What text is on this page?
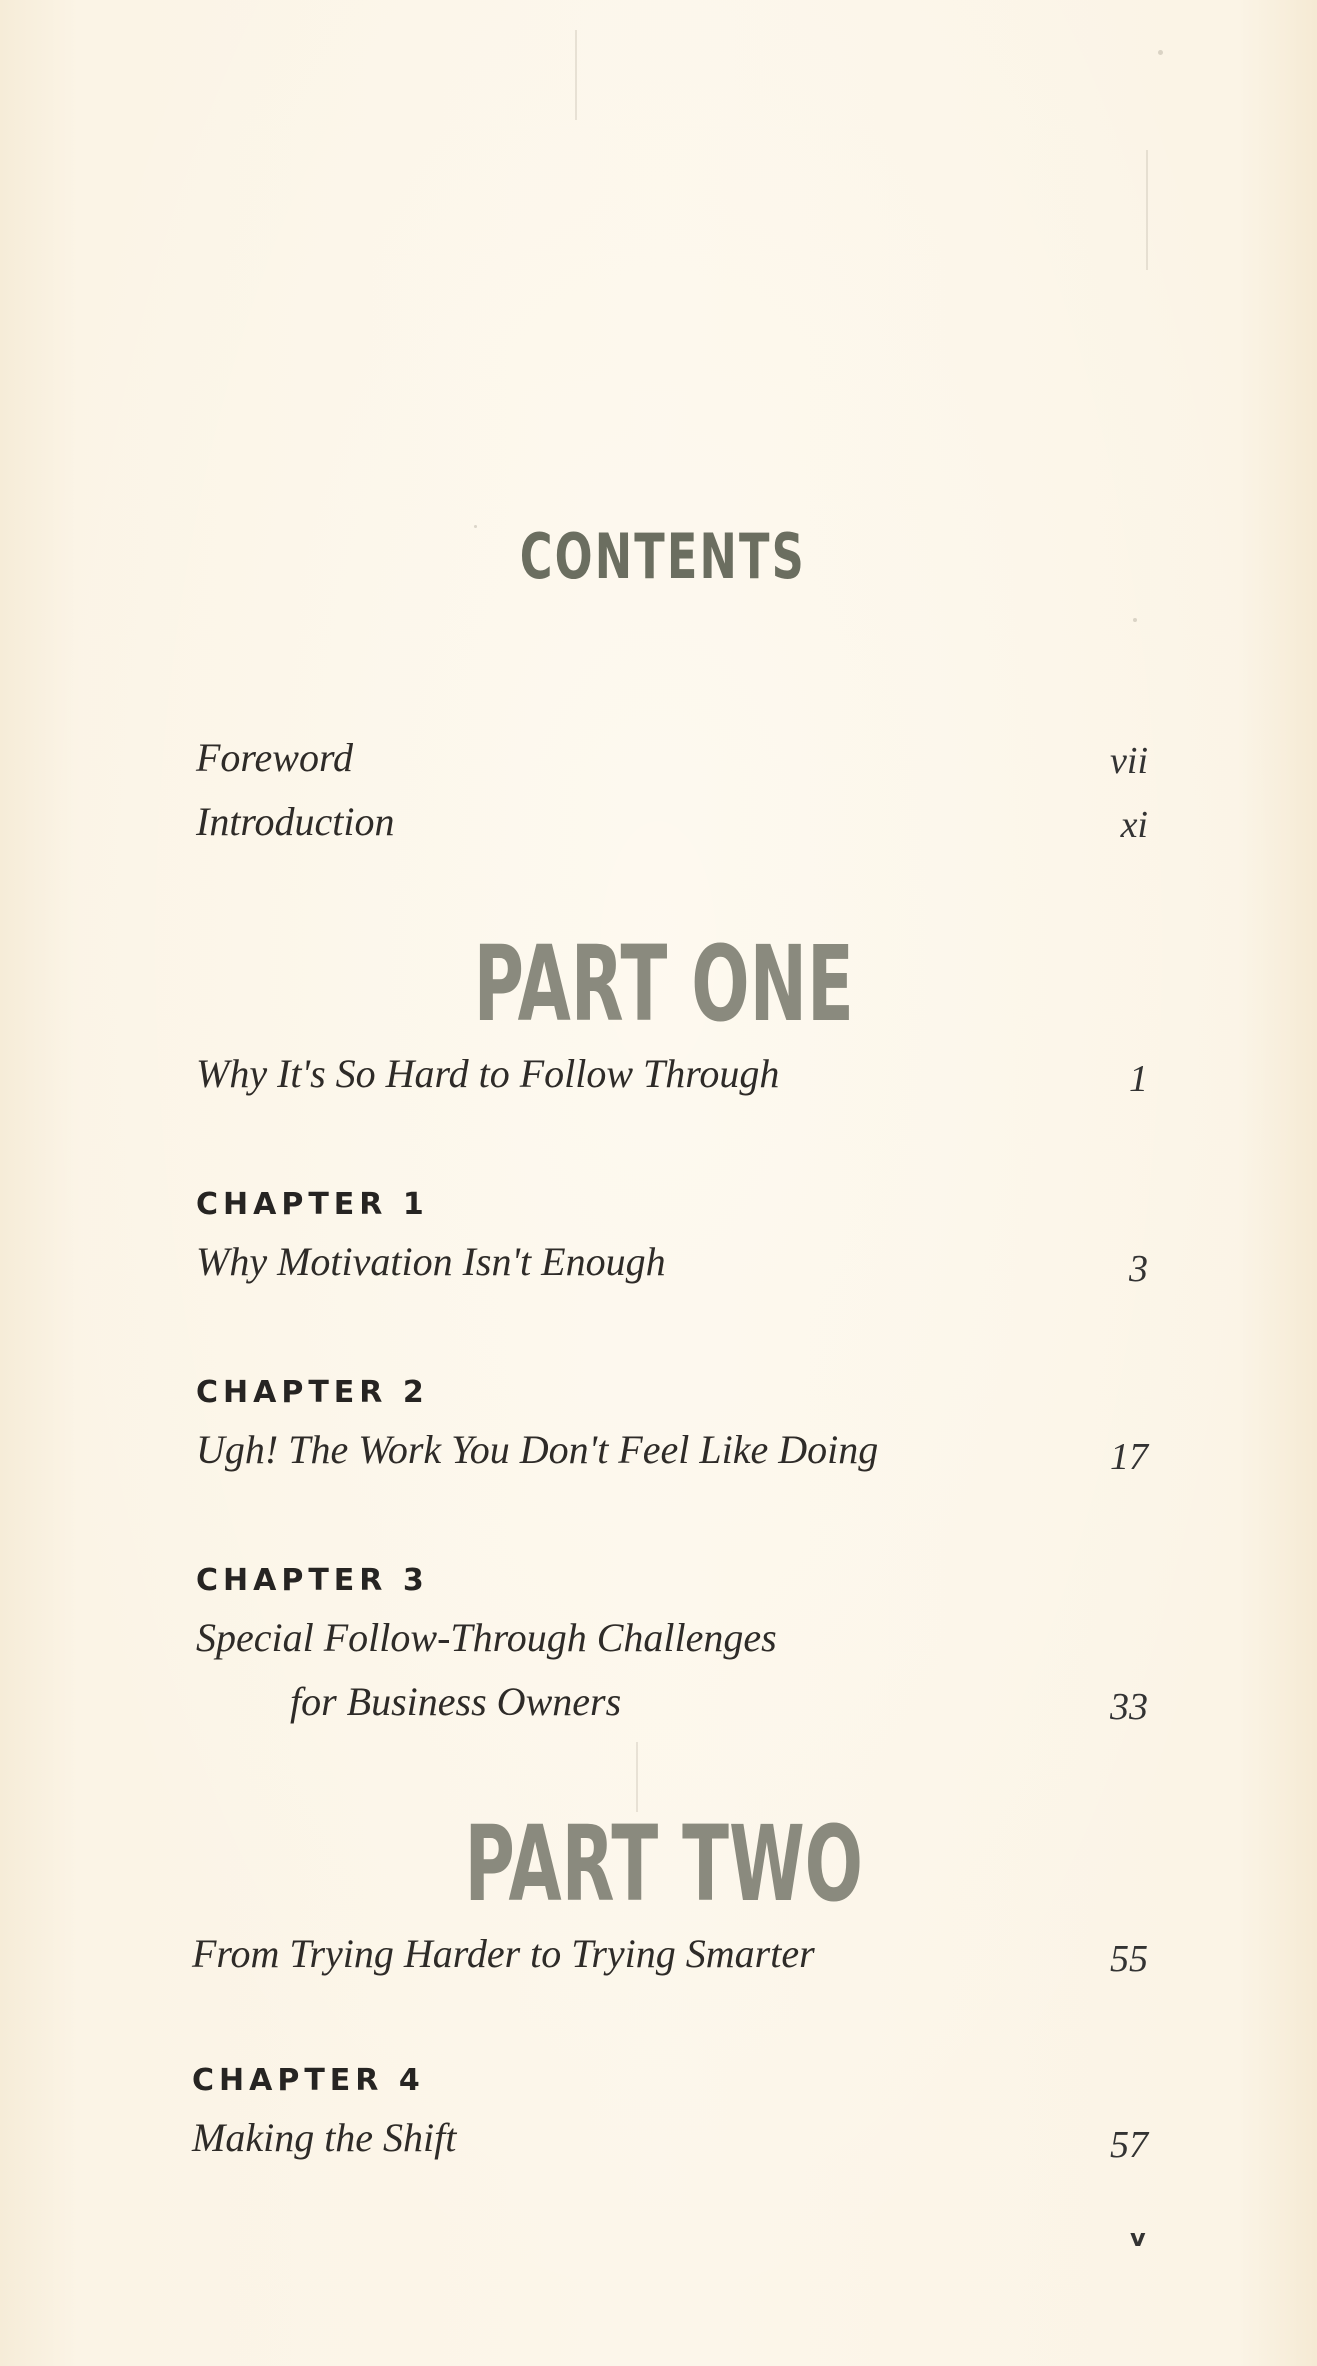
CONTENTS
Foreword	vii
Introduction	xi
PART ONE
Why It's So Hard to Follow Through	1
CHAPTER 1
Why Motivation Isn't Enough	3
CHAPTER 2
Ugh! The Work You Don't Feel Like Doing	17
CHAPTER 3
Special Follow-Through Challenges
for Business Owners	33
PART TWO
From Trying Harder to Trying Smarter	55
CHAPTER 4
Making the Shift	57
v
